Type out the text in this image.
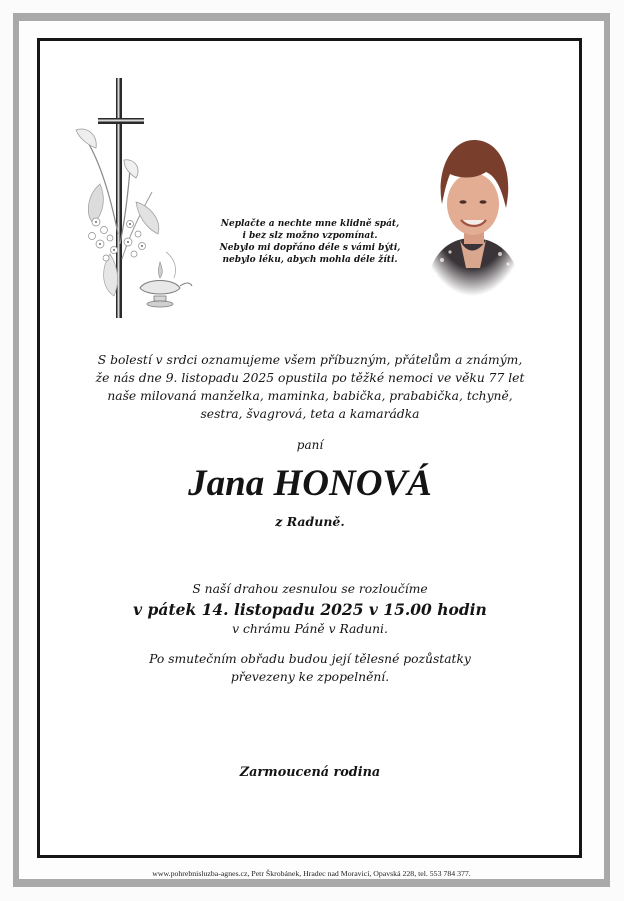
Neplačte a nechte mne klidně spát,
i bez slz možno vzpomínat.
Nebylo mi dopřáno déle s vámi býti,
nebylo léku, abych mohla déle žíti.
S bolestí v srdci oznamujeme všem příbuzným, přátelům a známým,
že nás dne 9. listopadu 2025 opustila po těžké nemoci ve věku 77 let
naše milovaná manželka, maminka, babička, prababička, tchyně,
sestra, švagrová, teta a kamarádka
paní
Jana HONOVÁ
z Raduně.
S naší drahou zesnulou se rozloučíme
v pátek 14. listopadu 2025 v 15.00 hodin
v chrámu Páně v Raduni.
Po smutečním obřadu budou její tělesné pozůstatky
převezeny ke zpopelnění.
Zarmoucená rodina
www.pohrebnisluzba-agnes.cz, Petr Škrobánek, Hradec nad Moravicí, Opavská 228, tel. 553 784 377.
